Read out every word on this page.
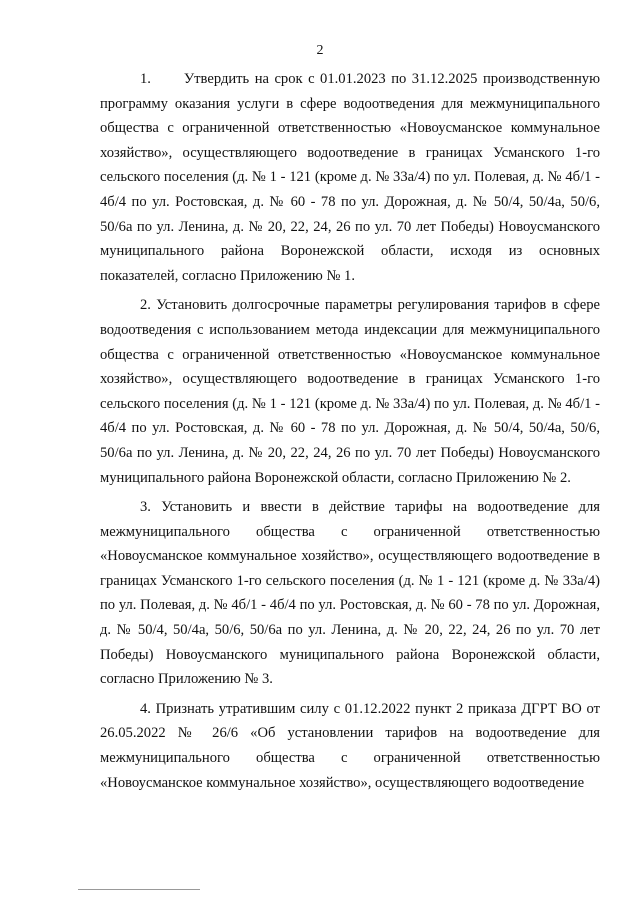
2

1.      Утвердить на срок с 01.01.2023 по 31.12.2025 производственную программу оказания услуги в сфере водоотведения для межмуниципального общества с ограниченной ответственностью «Новоусманское коммунальное хозяйство», осуществляющего водоотведение в границах Усманского 1-го сельского поселения (д. № 1 - 121 (кроме д. № 33а/4) по ул. Полевая, д. № 4б/1 - 4б/4 по ул. Ростовская, д. № 60 - 78 по ул. Дорожная, д. № 50/4, 50/4а, 50/6, 50/6а по ул. Ленина, д. № 20, 22, 24, 26 по ул. 70 лет Победы) Новоусманского муниципального района Воронежской области, исходя из основных показателей, согласно Приложению № 1.

2. Установить долгосрочные параметры регулирования тарифов в сфере водоотведения с использованием метода индексации для межмуниципального общества с ограниченной ответственностью «Новоусманское коммунальное хозяйство», осуществляющего водоотведение в границах Усманского 1-го сельского поселения (д. № 1 - 121 (кроме д. № 33а/4) по ул. Полевая, д. № 4б/1 - 4б/4 по ул. Ростовская, д. № 60 - 78 по ул. Дорожная, д. № 50/4, 50/4а, 50/6, 50/6а по ул. Ленина, д. № 20, 22, 24, 26 по ул. 70 лет Победы) Новоусманского муниципального района Воронежской области, согласно Приложению № 2.

3. Установить и ввести в действие тарифы на водоотведение для межмуниципального общества с ограниченной ответственностью «Новоусманское коммунальное хозяйство», осуществляющего водоотведение в границах Усманского 1-го сельского поселения (д. № 1 - 121 (кроме д. № 33а/4) по ул. Полевая, д. № 4б/1 - 4б/4 по ул. Ростовская, д. № 60 - 78 по ул. Дорожная, д. № 50/4, 50/4а, 50/6, 50/6а по ул. Ленина, д. № 20, 22, 24, 26 по ул. 70 лет Победы) Новоусманского муниципального района Воронежской области, согласно Приложению № 3.

4. Признать утратившим силу с 01.12.2022 пункт 2 приказа ДГРТ ВО от 26.05.2022 № 26/6 «Об установлении тарифов на водоотведение для межмуниципального общества с ограниченной ответственностью «Новоусманское коммунальное хозяйство», осуществляющего водоотведение
